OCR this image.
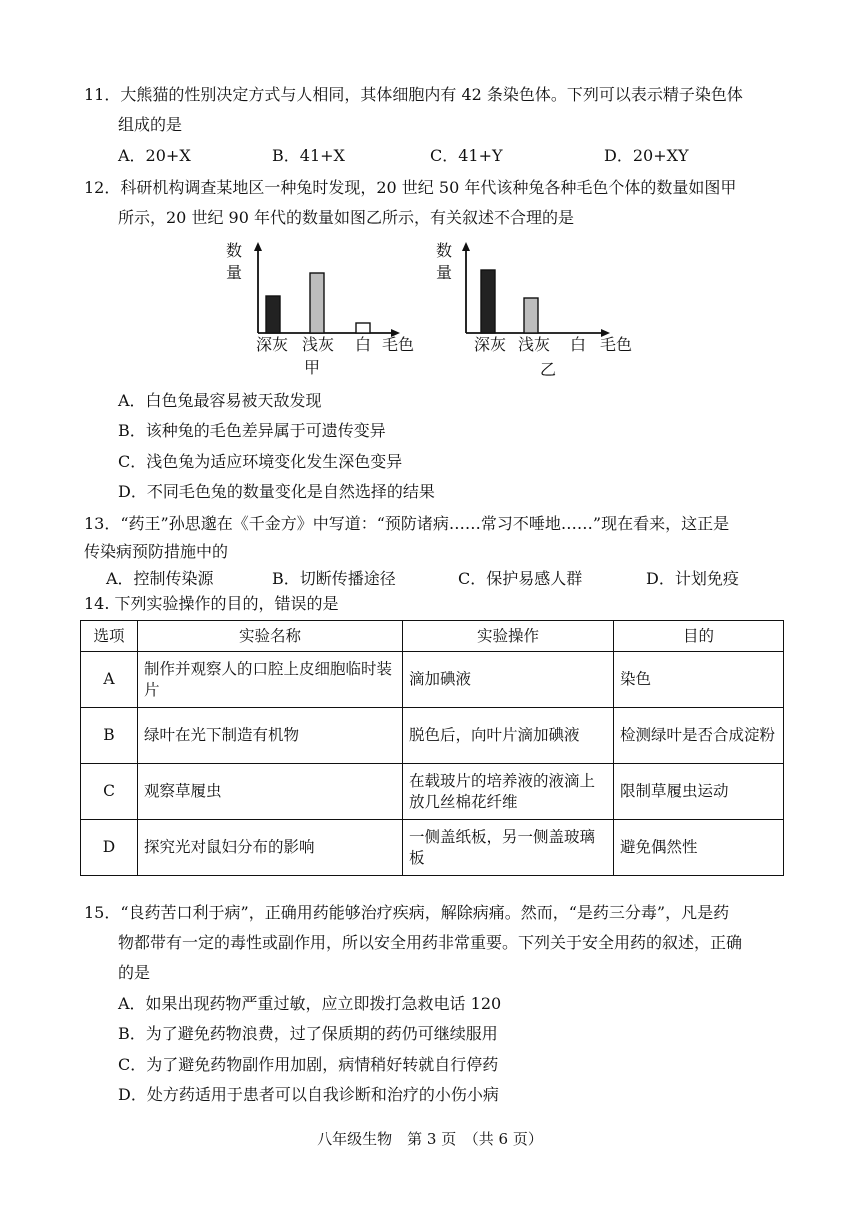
11．大熊猫的性别决定方式与人相同，其体细胞内有 42 条染色体。下列可以表示精子染色体
组成的是
A．20+X	B．41+X	C．41+Y	D．20+XY
12．科研机构调查某地区一种兔时发现，20 世纪 50 年代该种兔各种毛色个体的数量如图甲
所示，20 世纪 90 年代的数量如图乙所示，有关叙述不合理的是
数量
深灰 浅灰 白 毛色
甲
数量
深灰 浅灰 白 毛色
乙
A．白色兔最容易被天敌发现
B．该种兔的毛色差异属于可遗传变异
C．浅色兔为适应环境变化发生深色变异
D．不同毛色兔的数量变化是自然选择的结果
13．“药王”孙思邈在《千金方》中写道：“预防诸病……常习不唾地……”现在看来，这正是
传染病预防措施中的
A．控制传染源	B．切断传播途径	C．保护易感人群	D．计划免疫
14. 下列实验操作的目的，错误的是
选项	实验名称	实验操作	目的
A	制作并观察人的口腔上皮细胞临时装片	滴加碘液	染色
B	绿叶在光下制造有机物	脱色后，向叶片滴加碘液	检测绿叶是否合成淀粉
C	观察草履虫	在载玻片的培养液的液滴上放几丝棉花纤维	限制草履虫运动
D	探究光对鼠妇分布的影响	一侧盖纸板，另一侧盖玻璃板	避免偶然性
15．“良药苦口利于病”，正确用药能够治疗疾病，解除病痛。然而，“是药三分毒”，凡是药
物都带有一定的毒性或副作用，所以安全用药非常重要。下列关于安全用药的叙述，正确
的是
A．如果出现药物严重过敏，应立即拨打急救电话 120
B．为了避免药物浪费，过了保质期的药仍可继续服用
C．为了避免药物副作用加剧，病情稍好转就自行停药
D．处方药适用于患者可以自我诊断和治疗的小伤小病
八年级生物　第 3 页　（共 6 页）
